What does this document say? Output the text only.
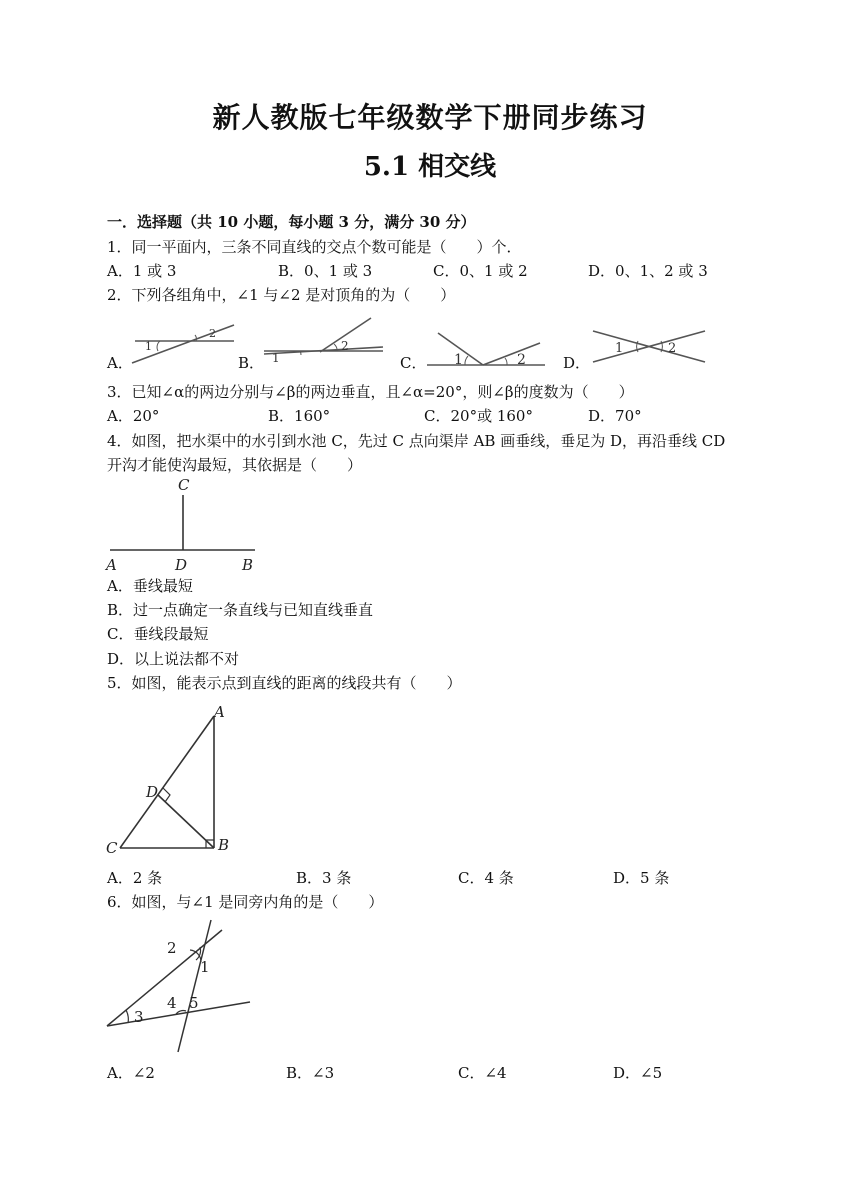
新人教版七年级数学下册同步练习
5.1 相交线
一．选择题（共 10 小题，每小题 3 分，满分 30 分）
1．同一平面内，三条不同直线的交点个数可能是（　　）个．
A．1 或 3	B．0、1 或 3	C．0、1 或 2	D．0、1、2 或 3
2．下列各组角中，∠1 与∠2 是对顶角的为（　　）
A．	B．	C．	D．
1
2
1
2
1	2
1	2
3．已知∠α的两边分别与∠β的两边垂直，且∠α=20°，则∠β的度数为（　　）
A．20°	B．160°	C．20°或 160°	D．70°
4．如图，把水渠中的水引到水池 C，先过 C 点向渠岸 AB 画垂线，垂足为 D，再沿垂线 CD
开沟才能使沟最短，其依据是（　　）
C
A	D	B
A．垂线最短
B．过一点确定一条直线与已知直线垂直
C．垂线段最短
D．以上说法都不对
5．如图，能表示点到直线的距离的线段共有（　　）
A
D
C	B
A．2 条	B．3 条	C．4 条	D．5 条
6．如图，与∠1 是同旁内角的是（　　）
2
1
4 5
3
A．∠2	B．∠3	C．∠4	D．∠5
